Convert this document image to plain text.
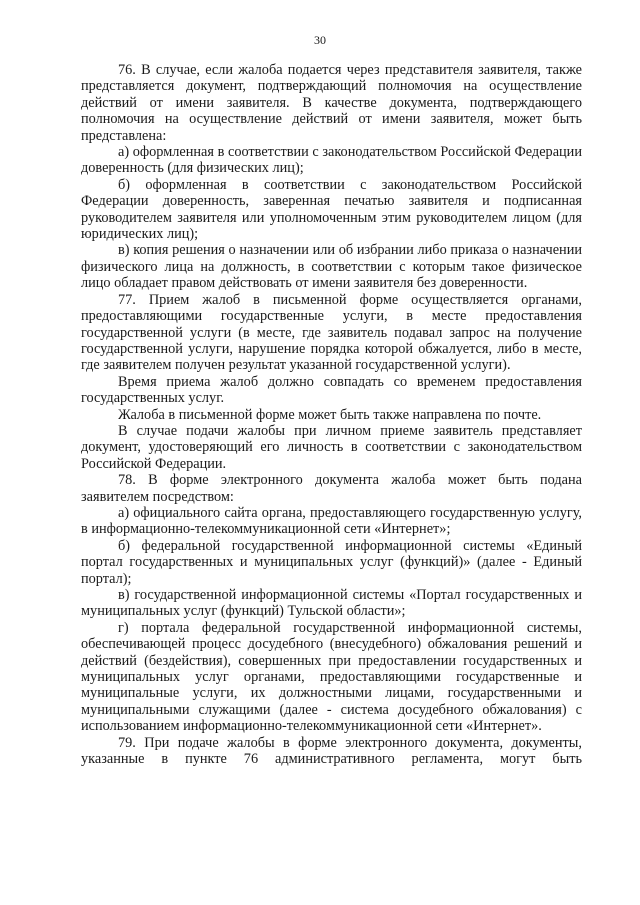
30

76. В случае, если жалоба подается через представителя заявителя, также представляется документ, подтверждающий полномочия на осуществление действий от имени заявителя. В качестве документа, подтверждающего полномочия на осуществление действий от имени заявителя, может быть представлена:

а) оформленная в соответствии с законодательством Российской Федерации доверенность (для физических лиц);

б) оформленная в соответствии с законодательством Российской Федерации доверенность, заверенная печатью заявителя и подписанная руководителем заявителя или уполномоченным этим руководителем лицом (для юридических лиц);

в) копия решения о назначении или об избрании либо приказа о назначении физического лица на должность, в соответствии с которым такое физическое лицо обладает правом действовать от имени заявителя без доверенности.

77. Прием жалоб в письменной форме осуществляется органами, предоставляющими государственные услуги, в месте предоставления государственной услуги (в месте, где заявитель подавал запрос на получение государственной услуги, нарушение порядка которой обжалуется, либо в месте, где заявителем получен результат указанной государственной услуги).

Время приема жалоб должно совпадать со временем предоставления государственных услуг.

Жалоба в письменной форме может быть также направлена по почте.

В случае подачи жалобы при личном приеме заявитель представляет документ, удостоверяющий его личность в соответствии с законодательством Российской Федерации.

78. В форме электронного документа жалоба может быть подана заявителем посредством:

а) официального сайта органа, предоставляющего государственную услугу, в информационно-телекоммуникационной сети «Интернет»;

б) федеральной государственной информационной системы «Единый портал государственных и муниципальных услуг (функций)» (далее - Единый портал);

в) государственной информационной системы «Портал государственных и муниципальных услуг (функций) Тульской области»;

г) портала федеральной государственной информационной системы, обеспечивающей процесс досудебного (внесудебного) обжалования решений и действий (бездействия), совершенных при предоставлении государственных и муниципальных услуг органами, предоставляющими государственные и муниципальные услуги, их должностными лицами, государственными и муниципальными служащими (далее - система досудебного обжалования) с использованием информационно-телекоммуникационной сети «Интернет».

79. При подаче жалобы в форме электронного документа, документы, указанные в пункте 76 административного регламента, могут быть
